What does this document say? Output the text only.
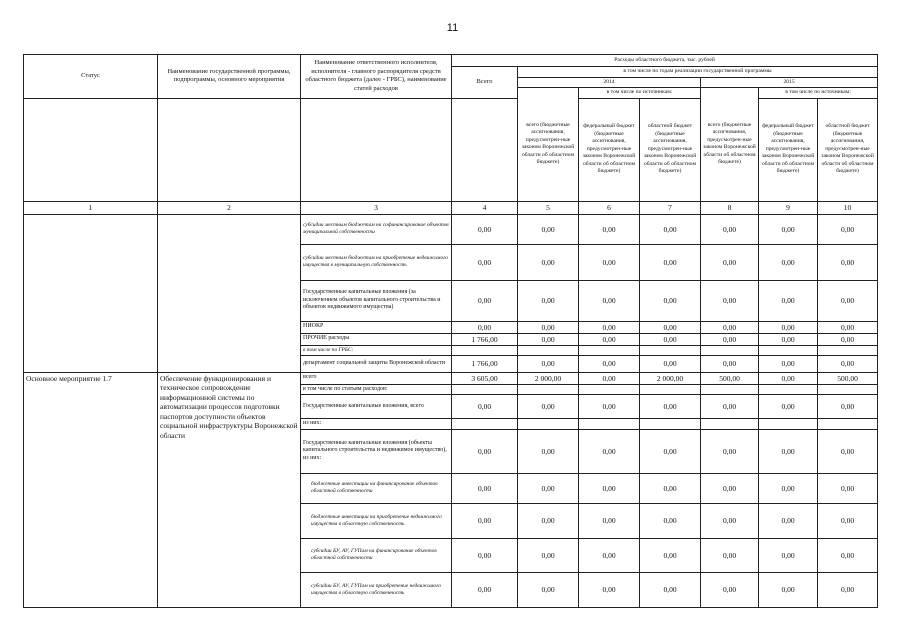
11
Статус	Наименование государственной программы, подпрограммы, основного мероприятия	Наименование ответственного исполнителя, исполнителя - главного распорядителя средств областного бюджета (далее - ГРБС), наименование статей расходов	Расходы областного бюджета, тыс. рублей						
			Всего	в том числе по годам реализации государственной программы					
				2014			2015		
				всего (бюджетные ассигнования, предусмотрен-ные законом Воронежской области об областном бюджете)	в том числе по источникам:		всего (бюджетные ассигнования, предусмотрен-ные законом Воронежской области об областном бюджете)	в том числе по источникам:	
					федеральный бюджет (бюджетные ассигнования, предусмотрен-ные законом Воронежской области об областном бюджете)	областной бюджет (бюджетные ассигнования, предусмотрен-ные законом Воронежской области об областном бюджете)		федеральный бюджет (бюджетные ассигнования, предусмотрен-ные законом Воронежской области об областном бюджете)	областной бюджет (бюджетные ассигнования, предусмотрен-ные законом Воронежской области об областном бюджете)
1	2	3	4	5	6	7	8	9	10
		субсидии местным бюджетам на софинансирование объектов муниципальной собственности	0,00	0,00	0,00	0,00	0,00	0,00	0,00
		субсидии местным бюджетам на приобретение недвижимого имущества в муниципальную собственность	0,00	0,00	0,00	0,00	0,00	0,00	0,00
		Государственные капитальные вложения (за исключением объектов капитального строительства и объектов недвижимого имущества)	0,00	0,00	0,00	0,00	0,00	0,00	0,00
		НИОКР	0,00	0,00	0,00	0,00	0,00	0,00	0,00
		ПРОЧИЕ расходы	1 766,00	0,00	0,00	0,00	0,00	0,00	0,00
		в том числе по ГРБС:							
		департамент социальной защиты Воронежской области	1 766,00	0,00	0,00	0,00	0,00	0,00	0,00
Основное мероприятие 1.7	Обеспечение функционирования и техническое сопровождение информационной системы по автоматизации процессов подготовки паспортов доступности объектов социальной инфраструктуры Воронежской области	всего	3 605,00	2 000,00	0,00	2 000,00	500,00	0,00	500,00
		в том числе по статьям расходов:							
		Государственные капитальные вложения, всего	0,00	0,00	0,00	0,00	0,00	0,00	0,00
		из них:							
		Государственные капитальные вложения (объекты капитального строительства и недвижимое имущество), из них:	0,00	0,00	0,00	0,00	0,00	0,00	0,00
		бюджетные инвестиции на финансирование объектов областной собственности	0,00	0,00	0,00	0,00	0,00	0,00	0,00
		бюджетные инвестиции на приобретение недвижимого имущества в областную собственность	0,00	0,00	0,00	0,00	0,00	0,00	0,00
		субсидии БУ, АУ, ГУПам на финансирование объектов областной собственности	0,00	0,00	0,00	0,00	0,00	0,00	0,00
		субсидии БУ, АУ, ГУПам на приобретение недвижимого имущества в областную собственность	0,00	0,00	0,00	0,00	0,00	0,00	0,00
